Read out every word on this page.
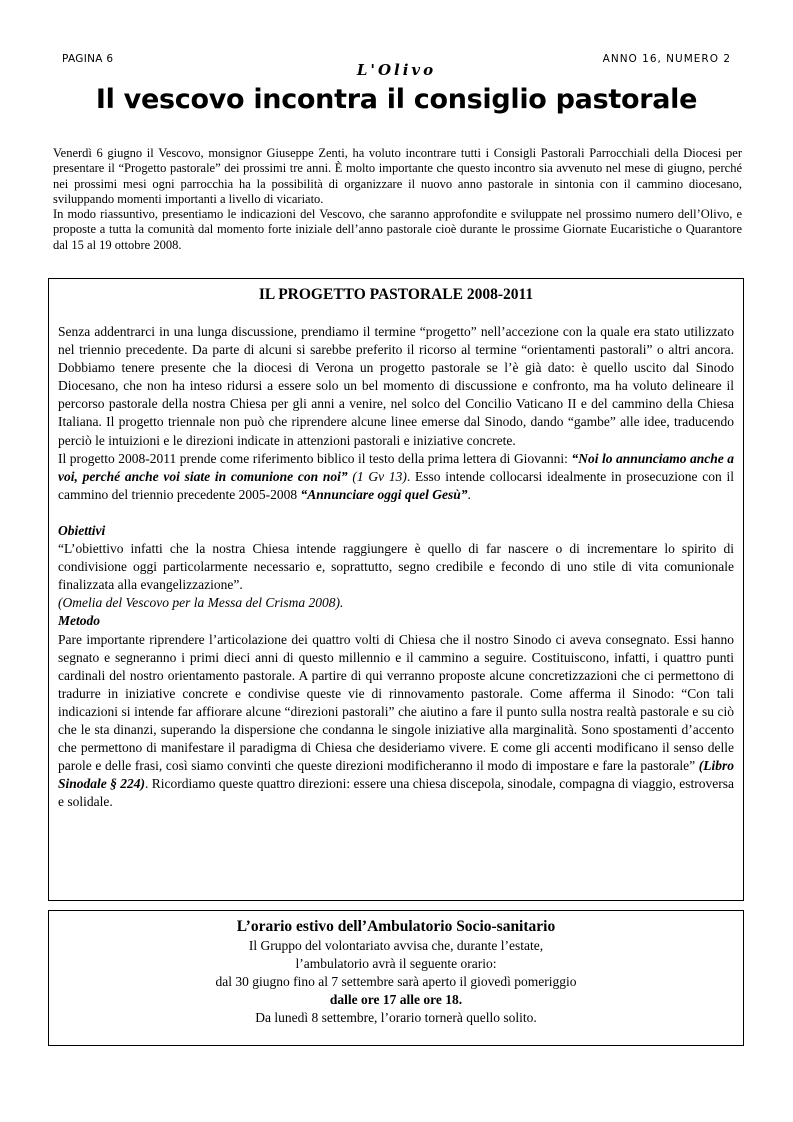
PAGINA 6
L'Olivo
ANNO 16, NUMERO 2
Il vescovo incontra il consiglio pastorale

Venerdì 6 giugno il Vescovo, monsignor Giuseppe Zenti, ha voluto incontrare tutti i Consigli Pastorali Parrocchiali della Diocesi per presentare il “Progetto pastorale” dei prossimi tre anni. È molto importante che questo incontro sia avvenuto nel mese di giugno, perché nei prossimi mesi ogni parrocchia ha la possibilità di organizzare il nuovo anno pastorale in sintonia con il cammino diocesano, sviluppando momenti importanti a livello di vicariato.

In modo riassuntivo, presentiamo le indicazioni del Vescovo, che saranno approfondite e sviluppate nel prossimo numero dell’Olivo, e proposte a tutta la comunità dal momento forte iniziale dell’anno pastorale cioè durante le prossime Giornate Eucaristiche o Quarantore dal 15 al 19 ottobre 2008.

IL PROGETTO PASTORALE 2008-2011

Senza addentrarci in una lunga discussione, prendiamo il termine “progetto” nell’accezione con la quale era stato utilizzato nel triennio precedente. Da parte di alcuni si sarebbe preferito il ricorso al termine “orientamenti pastorali” o altri ancora. Dobbiamo tenere presente che la diocesi di Verona un progetto pastorale se l’è già dato: è quello uscito dal Sinodo Diocesano, che non ha inteso ridursi a essere solo un bel momento di discussione e confronto, ma ha voluto delineare il percorso pastorale della nostra Chiesa per gli anni a venire, nel solco del Concilio Vaticano II e del cammino della Chiesa Italiana. Il progetto triennale non può che riprendere alcune linee emerse dal Sinodo, dando “gambe” alle idee, traducendo perciò le intuizioni e le direzioni indicate in attenzioni pastorali e iniziative concrete.

Il progetto 2008-2011 prende come riferimento biblico il testo della prima lettera di Giovanni: “Noi lo annunciamo anche a voi, perché anche voi siate in comunione con noi” (1 Gv 13). Esso intende collocarsi idealmente in prosecuzione con il cammino del triennio precedente 2005-2008 “Annunciare oggi quel Gesù”.

Obiettivi

“L’obiettivo infatti che la nostra Chiesa intende raggiungere è quello di far nascere o di incrementare lo spirito di condivisione oggi particolarmente necessario e, soprattutto, segno credibile e fecondo di uno stile di vita comunionale finalizzata alla evangelizzazione”.

(Omelia del Vescovo per la Messa del Crisma 2008).

Metodo

Pare importante riprendere l’articolazione dei quattro volti di Chiesa che il nostro Sinodo ci aveva consegnato. Essi hanno segnato e segneranno i primi dieci anni di questo millennio e il cammino a seguire. Costituiscono, infatti, i quattro punti cardinali del nostro orientamento pastorale. A partire di qui verranno proposte alcune concretizzazioni che ci permettono di tradurre in iniziative concrete e condivise queste vie di rinnovamento pastorale. Come afferma il Sinodo: “Con tali indicazioni si intende far affiorare alcune “direzioni pastorali” che aiutino a fare il punto sulla nostra realtà pastorale e su ciò che le sta dinanzi, superando la dispersione che condanna le singole iniziative alla marginalità. Sono spostamenti d’accento che permettono di manifestare il paradigma di Chiesa che desideriamo vivere. E come gli accenti modificano il senso delle parole e delle frasi, così siamo convinti che queste direzioni modificheranno il modo di impostare e fare la pastorale” (Libro Sinodale § 224). Ricordiamo queste quattro direzioni: essere una chiesa discepola, sinodale, compagna di viaggio, estroversa e solidale.

L’orario estivo dell’Ambulatorio Socio-sanitario
Il Gruppo del volontariato avvisa che, durante l’estate,
l’ambulatorio avrà il seguente orario:
dal 30 giugno fino al 7 settembre sarà aperto il giovedì pomeriggio
dalle ore 17 alle ore 18.
Da lunedì 8 settembre, l’orario tornerà quello solito.
